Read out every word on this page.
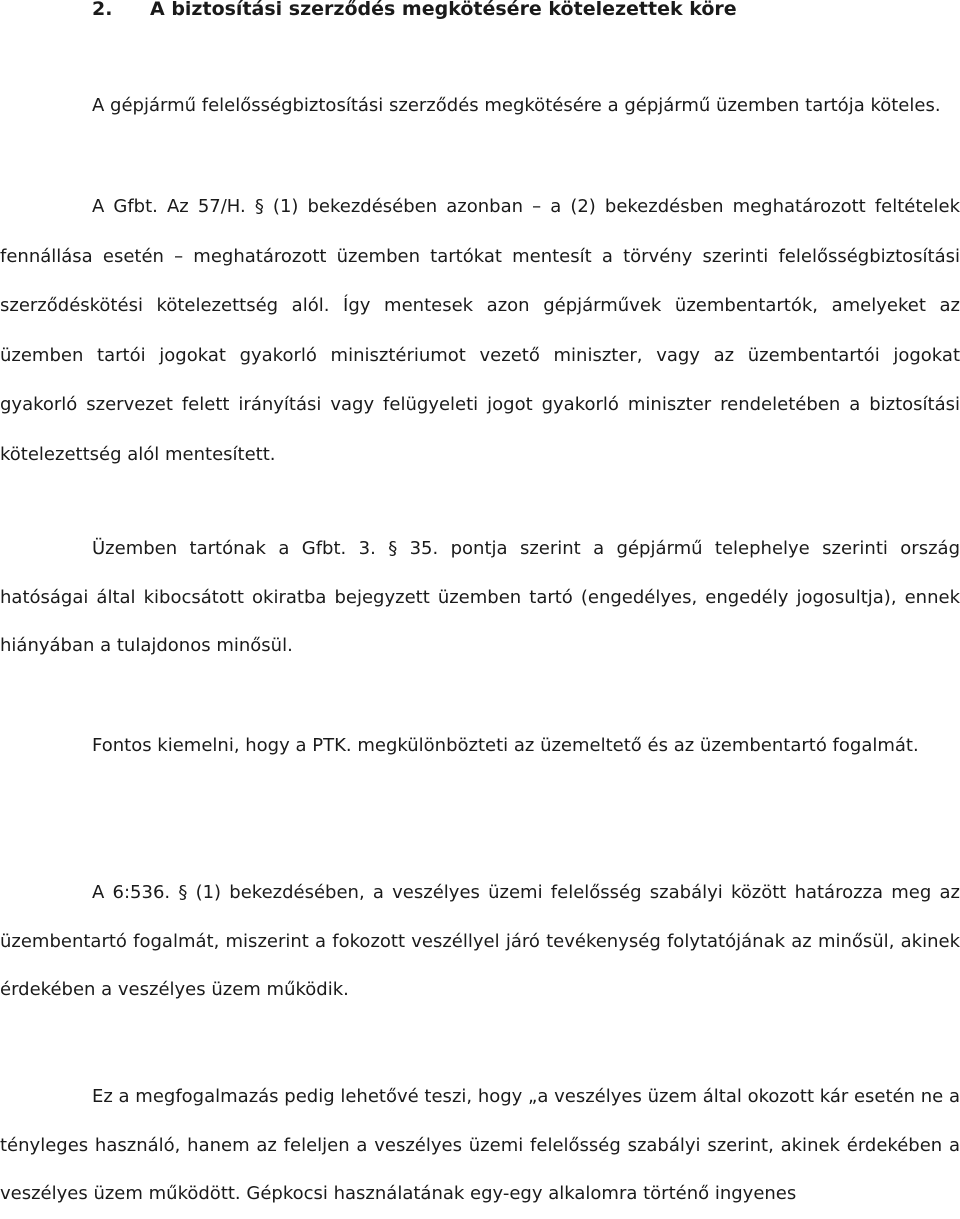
2. A biztosítási szerződés megkötésére kötelezettek köre

A gépjármű felelősségbiztosítási szerződés megkötésére a gépjármű üzemben tartója köteles.

A Gfbt. Az 57/H. § (1) bekezdésében azonban – a (2) bekezdésben meghatározott feltételek fennállása esetén – meghatározott üzemben tartókat mentesít a törvény szerinti felelősségbiztosítási szerződéskötési kötelezettség alól. Így mentesek azon gépjárművek üzembentartók, amelyeket az üzemben tartói jogokat gyakorló minisztériumot vezető miniszter, vagy az üzembentartói jogokat gyakorló szervezet felett irányítási vagy felügyeleti jogot gyakorló miniszter rendeletében a biztosítási kötelezettség alól mentesített.

Üzemben tartónak a Gfbt. 3. § 35. pontja szerint a gépjármű telephelye szerinti ország hatóságai által kibocsátott okiratba bejegyzett üzemben tartó (engedélyes, engedély jogosultja), ennek hiányában a tulajdonos minősül.

Fontos kiemelni, hogy a PTK. megkülönbözteti az üzemeltető és az üzembentartó fogalmát.

A 6:536. § (1) bekezdésében, a veszélyes üzemi felelősség szabályi között határozza meg az üzembentartó fogalmát, miszerint a fokozott veszéllyel járó tevékenység folytatójának az minősül, akinek érdekében a veszélyes üzem működik.

Ez a megfogalmazás pedig lehetővé teszi, hogy „a veszélyes üzem által okozott kár esetén ne a tényleges használó, hanem az feleljen a veszélyes üzemi felelősség szabályi szerint, akinek érdekében a veszélyes üzem működött. Gépkocsi használatának egy-egy alkalomra történő ingyenes
